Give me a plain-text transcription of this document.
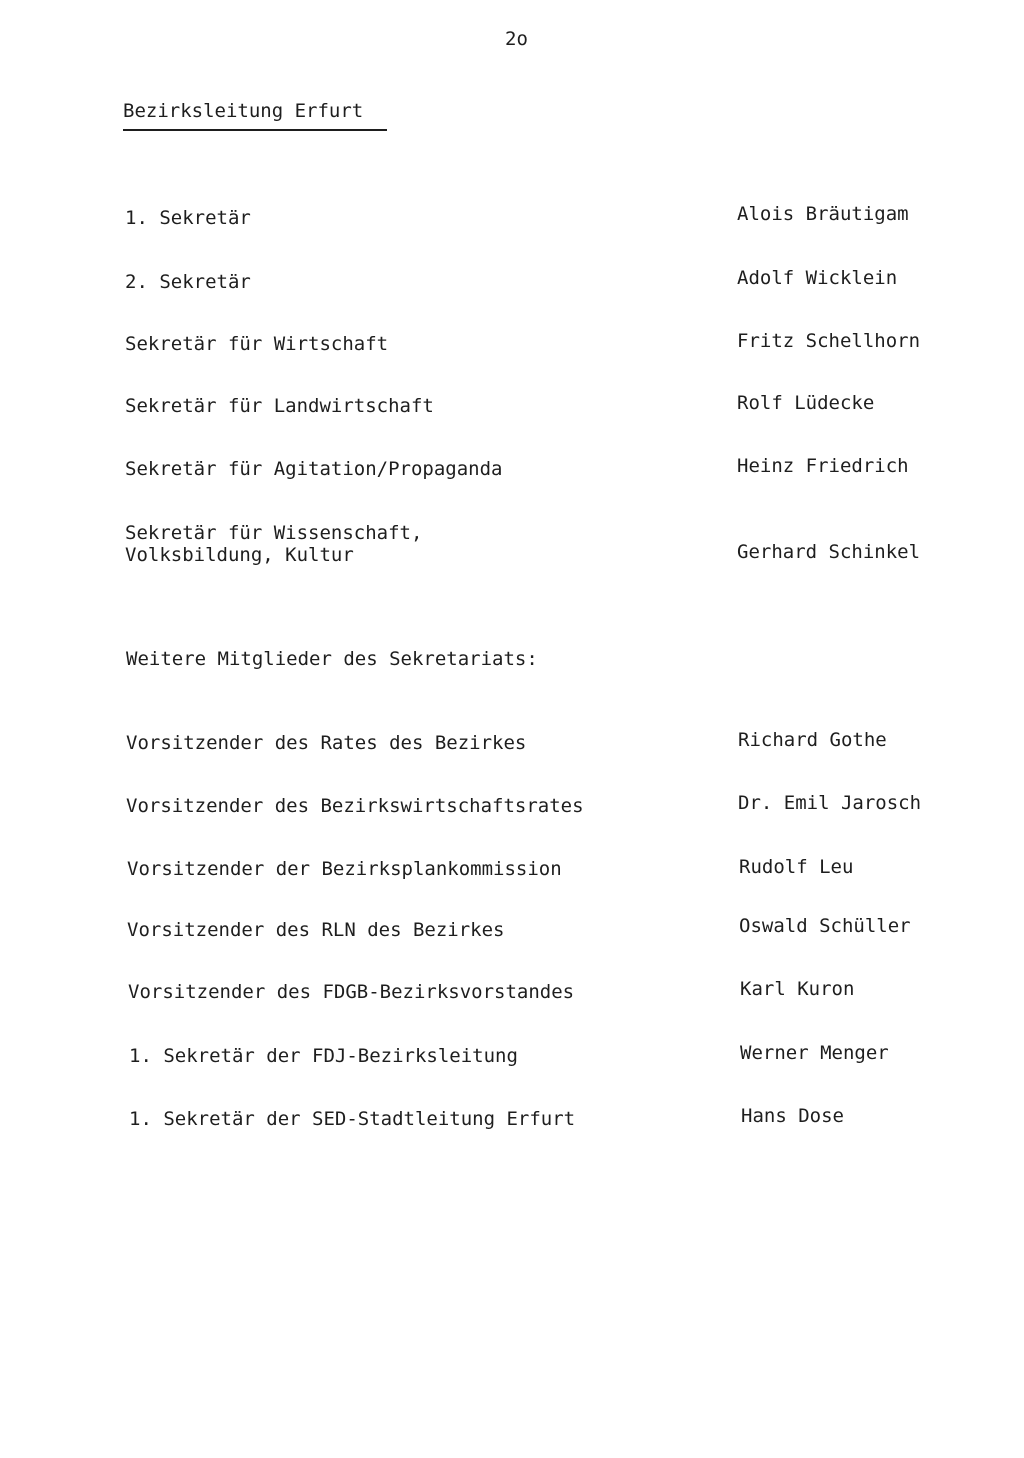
2o
Bezirksleitung Erfurt
1. Sekretär	Alois Bräutigam
2. Sekretär	Adolf Wicklein
Sekretär für Wirtschaft	Fritz Schellhorn
Sekretär für Landwirtschaft	Rolf Lüdecke
Sekretär für Agitation/Propaganda	Heinz Friedrich
Sekretär für Wissenschaft,
Volksbildung, Kultur	Gerhard Schinkel
Weitere Mitglieder des Sekretariats:
Vorsitzender des Rates des Bezirkes	Richard Gothe
Vorsitzender des Bezirkswirtschaftsrates	Dr. Emil Jarosch
Vorsitzender der Bezirksplankommission	Rudolf Leu
Vorsitzender des RLN des Bezirkes	Oswald Schüller
Vorsitzender des FDGB-Bezirksvorstandes	Karl Kuron
1. Sekretär der FDJ-Bezirksleitung	Werner Menger
1. Sekretär der SED-Stadtleitung Erfurt	Hans Dose
